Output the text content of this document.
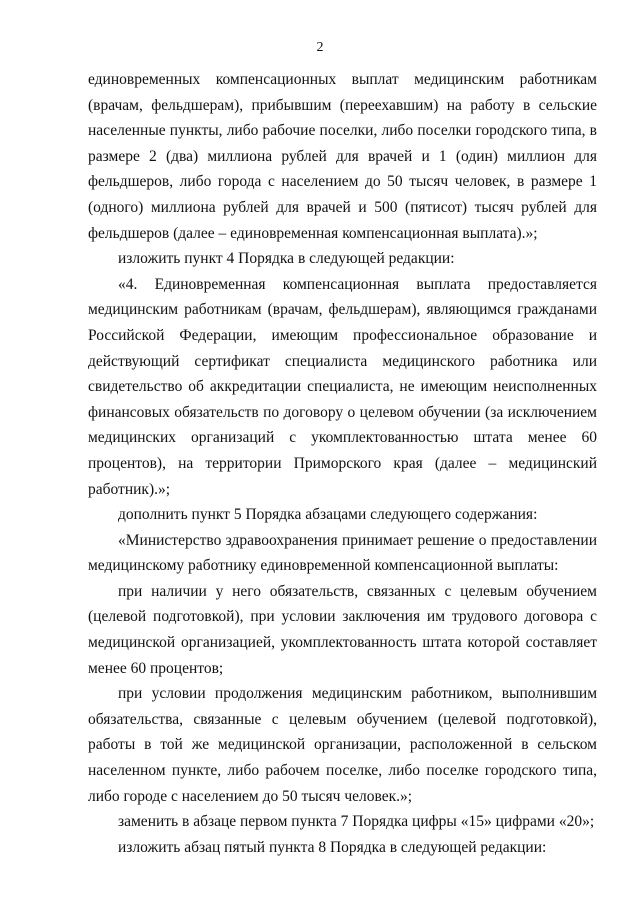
2

единовременных компенсационных выплат медицинским работникам (врачам, фельдшерам), прибывшим (переехавшим) на работу в сельские населенные пункты, либо рабочие поселки, либо поселки городского типа, в размере 2 (два) миллиона рублей для врачей и 1 (один) миллион для фельдшеров, либо города с населением до 50 тысяч человек, в размере 1 (одного) миллиона рублей для врачей и 500 (пятисот) тысяч рублей для фельдшеров (далее – единовременная компенсационная выплата).»;

изложить пункт 4 Порядка в следующей редакции:

«4. Единовременная компенсационная выплата предоставляется медицинским работникам (врачам, фельдшерам), являющимся гражданами Российской Федерации, имеющим профессиональное образование и действующий сертификат специалиста медицинского работника или свидетельство об аккредитации специалиста, не имеющим неисполненных финансовых обязательств по договору о целевом обучении (за исключением медицинских организаций с укомплектованностью штата менее 60 процентов), на территории Приморского края (далее – медицинский работник).»;

дополнить пункт 5 Порядка абзацами следующего содержания:

«Министерство здравоохранения принимает решение о предоставлении медицинскому работнику единовременной компенсационной выплаты:

при наличии у него обязательств, связанных с целевым обучением (целевой подготовкой), при условии заключения им трудового договора с медицинской организацией, укомплектованность штата которой составляет менее 60 процентов;

при условии продолжения медицинским работником, выполнившим обязательства, связанные с целевым обучением (целевой подготовкой), работы в той же медицинской организации, расположенной в сельском населенном пункте, либо рабочем поселке, либо поселке городского типа, либо городе с населением до 50 тысяч человек.»;

заменить в абзаце первом пункта 7 Порядка цифры «15» цифрами «20»;

изложить абзац пятый пункта 8 Порядка в следующей редакции:
